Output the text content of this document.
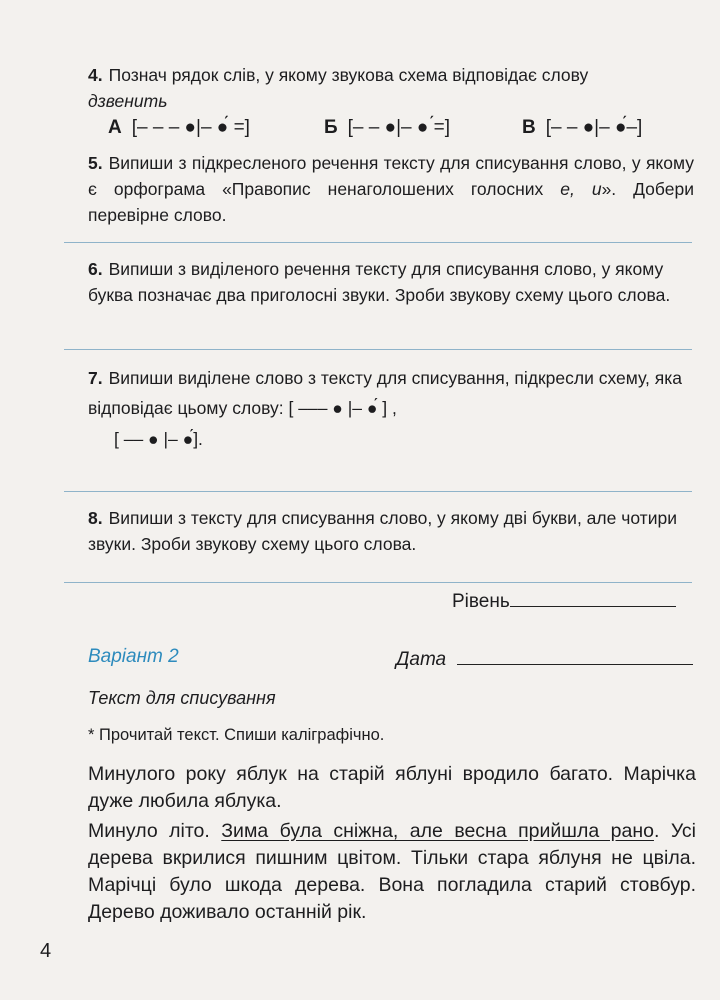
4. Познач рядок слів, у якому звукова схема відповідає слову
дзвенить
А [– – – ●|– ●́ =]	Б [– – ●|– ● ́=]	В [– – ●|– ●́–]
5. Випиши з підкресленого речення тексту для списування слово, у якому є орфограма «Правопис ненаголошених голосних е, и». Добери перевірне слово.
6. Випиши з виділеного речення тексту для списування слово, у якому буква позначає два приголосні звуки. Зроби звукову схему цього слова.
7. Випиши виділене слово з тексту для списування, підкресли схему, яка відповідає цьому слову: [ ––– ● |– ●́ ] ,
[ –– ● |– ●́].
8. Випиши з тексту для списування слово, у якому дві букви, але чотири звуки. Зроби звукову схему цього слова.
Рівень
Варіант 2	Дата
Текст для списування
* Прочитай текст. Спиши каліграфічно.
Минулого року яблук на старій яблуні вродило багато. Марічка дуже любила яблука.
Минуло літо. Зима була сніжна, але весна прийшла рано. Усі дерева вкрилися пишним цвітом. Тільки стара яблуня не цвіла. Марічці було шкода дерева. Вона погладила старий стовбур. Дерево доживало останній рік.
4
